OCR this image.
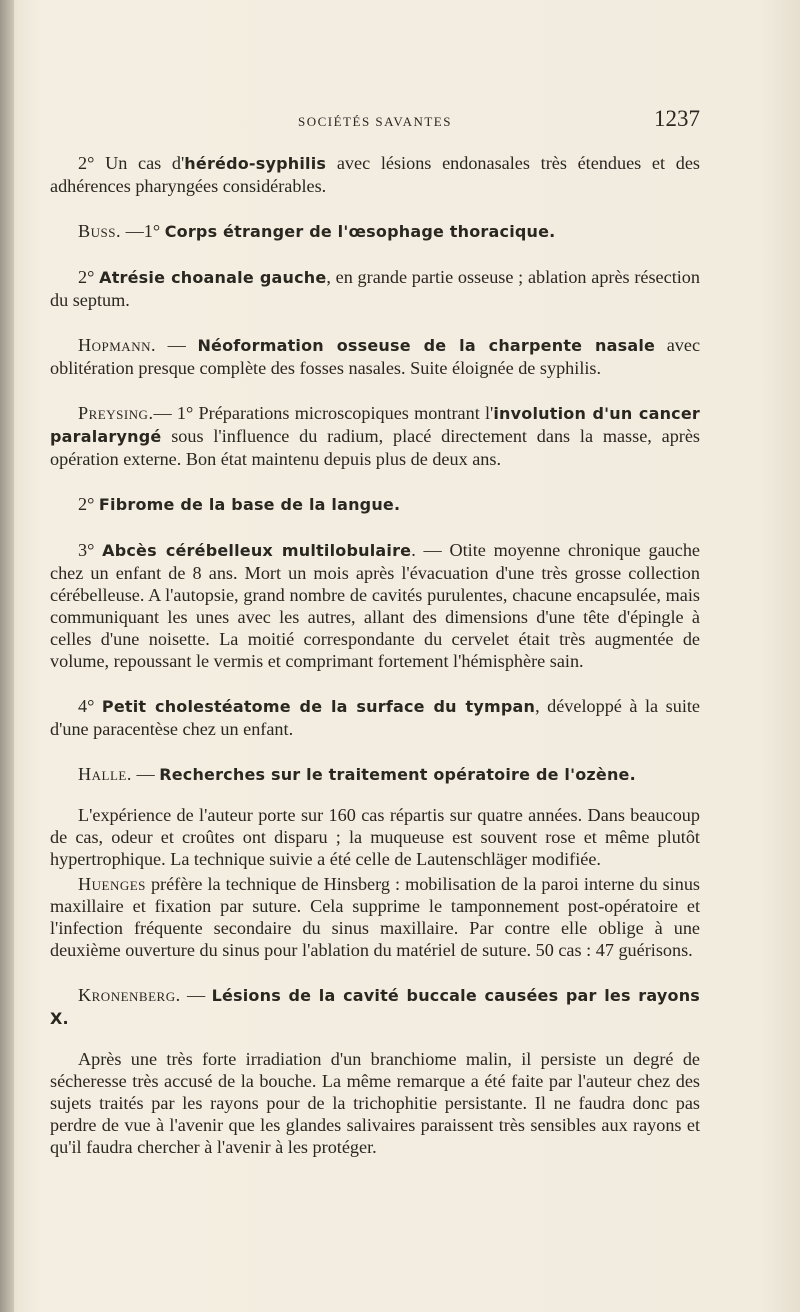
SOCIÉTÉS SAVANTES	1237

2° Un cas d'hérédo-syphilis avec lésions endonasales très étendues et des adhérences pharyngées considérables.

Buss. —1° Corps étranger de l'œsophage thoracique.

2° Atrésie choanale gauche, en grande partie osseuse ; ablation après résection du septum.

Hopmann. — Néoformation osseuse de la charpente nasale avec oblitération presque complète des fosses nasales. Suite éloignée de syphilis.

Preysing.— 1° Préparations microscopiques montrant l'involution d'un cancer paralaryngé sous l'influence du radium, placé directement dans la masse, après opération externe. Bon état maintenu depuis plus de deux ans.

2° Fibrome de la base de la langue.

3° Abcès cérébelleux multilobulaire. — Otite moyenne chronique gauche chez un enfant de 8 ans. Mort un mois après l'évacuation d'une très grosse collection cérébelleuse. A l'autopsie, grand nombre de cavités purulentes, chacune encapsulée, mais communiquant les unes avec les autres, allant des dimensions d'une tête d'épingle à celles d'une noisette. La moitié correspondante du cervelet était très augmentée de volume, repoussant le vermis et comprimant fortement l'hémisphère sain.

4° Petit cholestéatome de la surface du tympan, développé à la suite d'une paracentèse chez un enfant.

Halle. — Recherches sur le traitement opératoire de l'ozène.

L'expérience de l'auteur porte sur 160 cas répartis sur quatre années. Dans beaucoup de cas, odeur et croûtes ont disparu ; la muqueuse est souvent rose et même plutôt hypertrophique. La technique suivie a été celle de Lautenschläger modifiée.

Huenges préfère la technique de Hinsberg : mobilisation de la paroi interne du sinus maxillaire et fixation par suture. Cela supprime le tamponnement post-opératoire et l'infection fréquente secondaire du sinus maxillaire. Par contre elle oblige à une deuxième ouverture du sinus pour l'ablation du matériel de suture. 50 cas : 47 guérisons.

Kronenberg. — Lésions de la cavité buccale causées par les rayons X.

Après une très forte irradiation d'un branchiome malin, il persiste un degré de sécheresse très accusé de la bouche. La même remarque a été faite par l'auteur chez des sujets traités par les rayons pour de la trichophitie persistante. Il ne faudra donc pas perdre de vue à l'avenir que les glandes salivaires paraissent très sensibles aux rayons et qu'il faudra chercher à l'avenir à les protéger.
